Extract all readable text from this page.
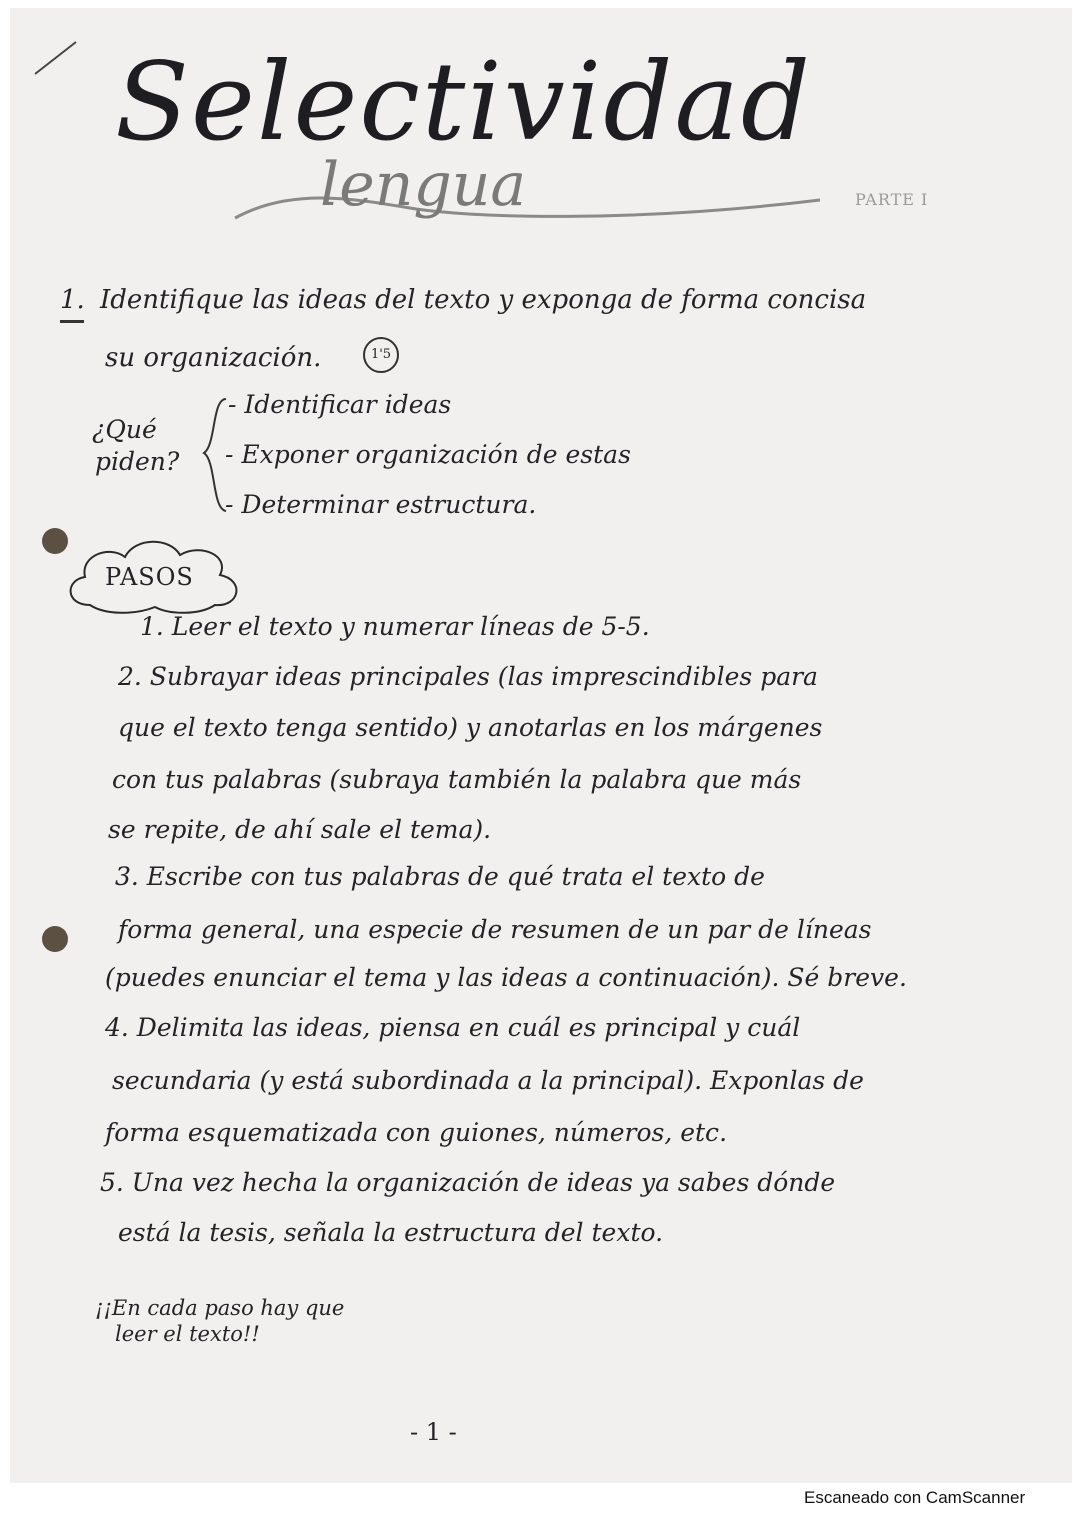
Selectividad
lengua	PARTE I
1. Identifique las ideas del texto y exponga de forma concisa
su organización.	1'5
¿Qué
piden?
- Identificar ideas
- Exponer organización de estas
- Determinar estructura.
PASOS
1. Leer el texto y numerar líneas de 5-5.
2. Subrayar ideas principales (las imprescindibles para
que el texto tenga sentido) y anotarlas en los márgenes
con tus palabras (subraya también la palabra que más
se repite, de ahí sale el tema).
3. Escribe con tus palabras de qué trata el texto de
forma general, una especie de resumen de un par de líneas
(puedes enunciar el tema y las ideas a continuación). Sé breve.
4. Delimita las ideas, piensa en cuál es principal y cuál
secundaria (y está subordinada a la principal). Exponlas de
forma esquematizada con guiones, números, etc.
5. Una vez hecha la organización de ideas ya sabes dónde
está la tesis, señala la estructura del texto.
¡¡En cada paso hay que
leer el texto!!
- 1 -
Escaneado con CamScanner
